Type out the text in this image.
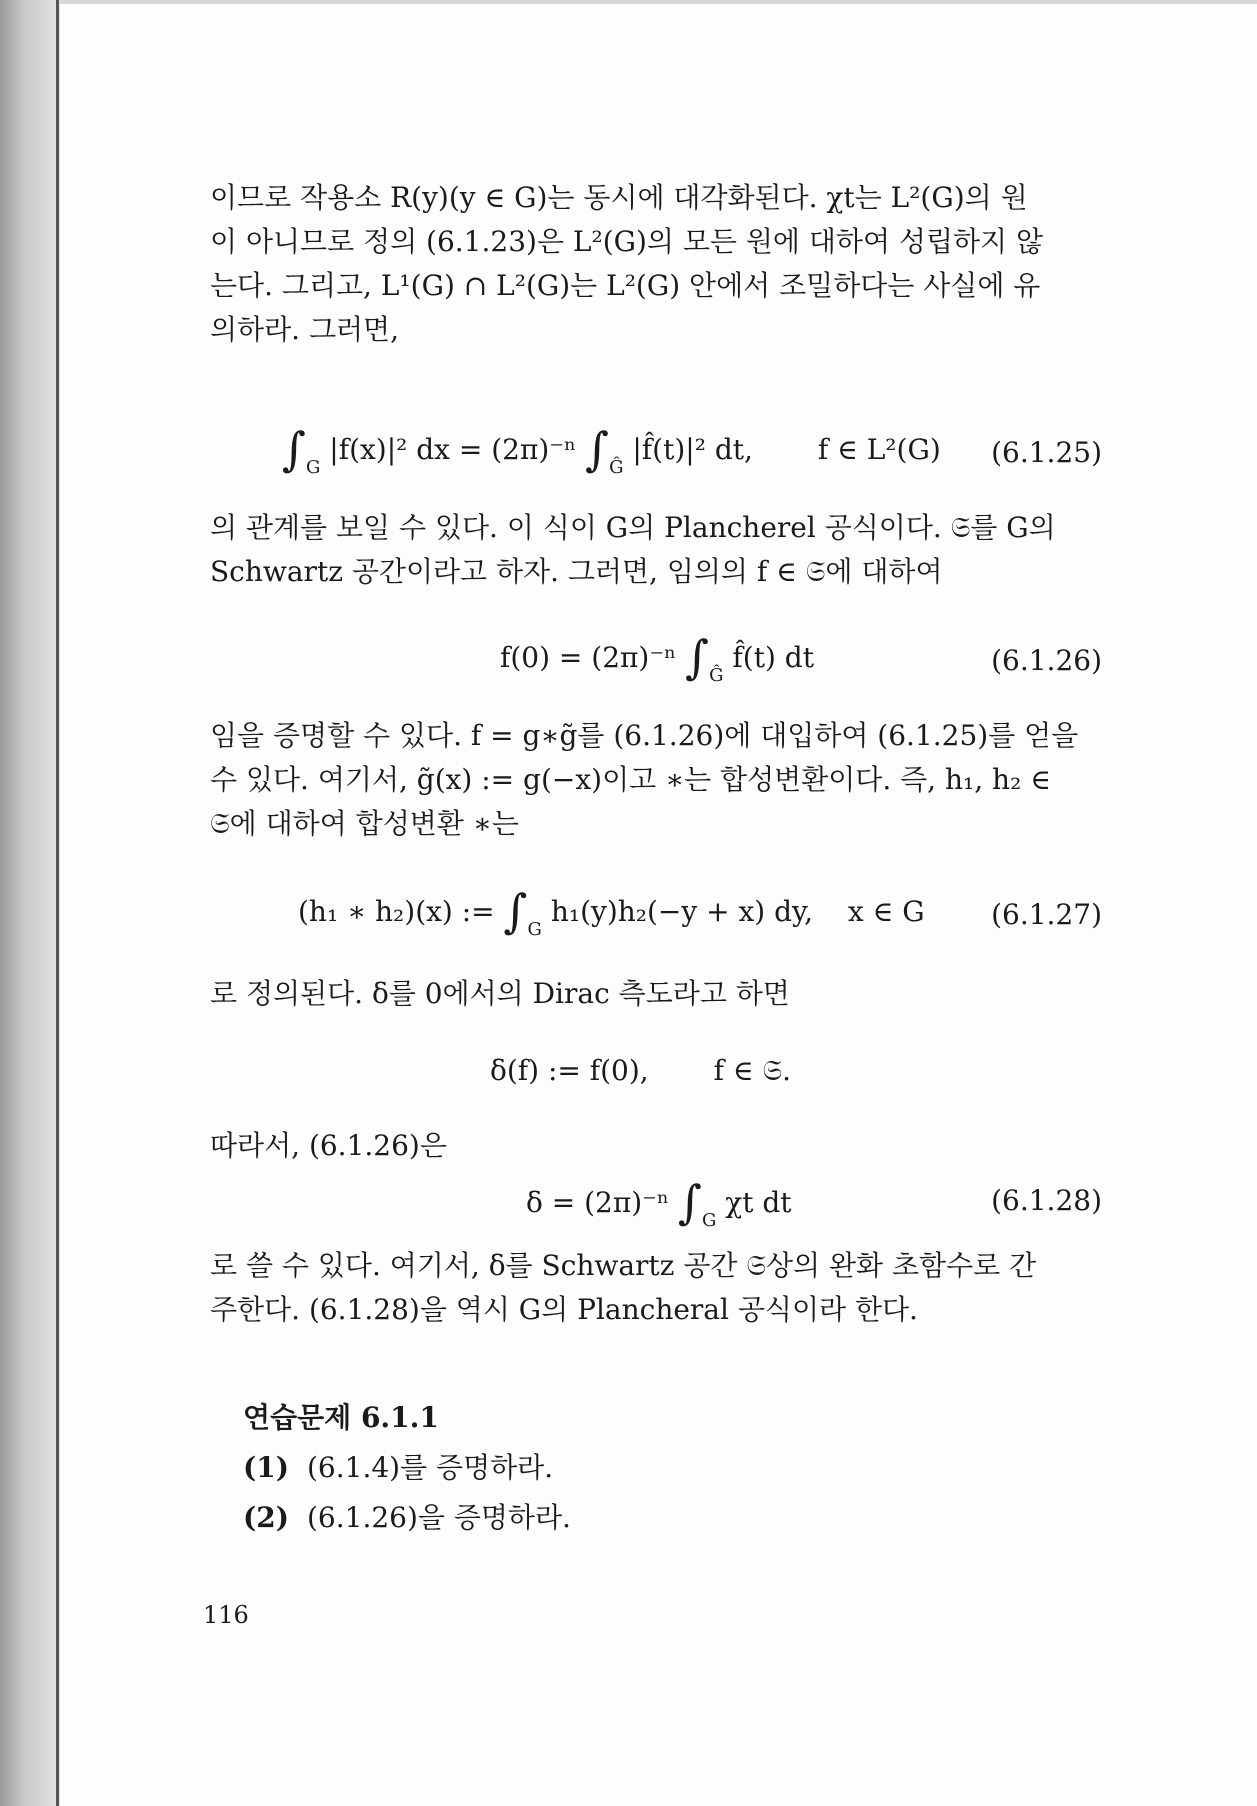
이므로 작용소 R(y)(y ∈ G)는 동시에 대각화된다. χt는 L²(G)의 원
이 아니므로 정의 (6.1.23)은 L²(G)의 모든 원에 대하여 성립하지 않
는다. 그리고, L¹(G) ∩ L²(G)는 L²(G) 안에서 조밀하다는 사실에 유
의하라. 그러면,
$\int_G$ |f(x)|² dx = (2π)⁻ⁿ $\int_Ĝ$ |f̂(t)|² dt, f ∈ L²(G) (6.1.25)
의 관계를 보일 수 있다. 이 식이 G의 Plancherel 공식이다. 𝔖를 G의
Schwartz 공간이라고 하자. 그러면, 임의의 f ∈ 𝔖에 대하여
f(0) = (2π)⁻ⁿ $\int_Ĝ$ f̂(t) dt	(6.1.26)
임을 증명할 수 있다. f = g∗g̃를 (6.1.26)에 대입하여 (6.1.25)를 얻을
수 있다. 여기서, g̃(x) := g(−x)이고 ∗는 합성변환이다. 즉, h₁, h₂ ∈
𝔖에 대하여 합성변환 ∗는
(h₁ ∗ h₂)(x) := $\int_G$ h₁(y)h₂(−y + x) dy, x ∈ G (6.1.27)
로 정의된다. δ를 0에서의 Dirac 측도라고 하면
δ(f) := f(0), f ∈ 𝔖.
따라서, (6.1.26)은
δ = (2π)⁻ⁿ $\int_G$ χt dt	(6.1.28)
로 쓸 수 있다. 여기서, δ를 Schwartz 공간 𝔖상의 완화 초함수로 간
주한다. (6.1.28)을 역시 G의 Plancheral 공식이라 한다.
연습문제 6.1.1
(1) (6.1.4)를 증명하라.
(2) (6.1.26)을 증명하라.
116
